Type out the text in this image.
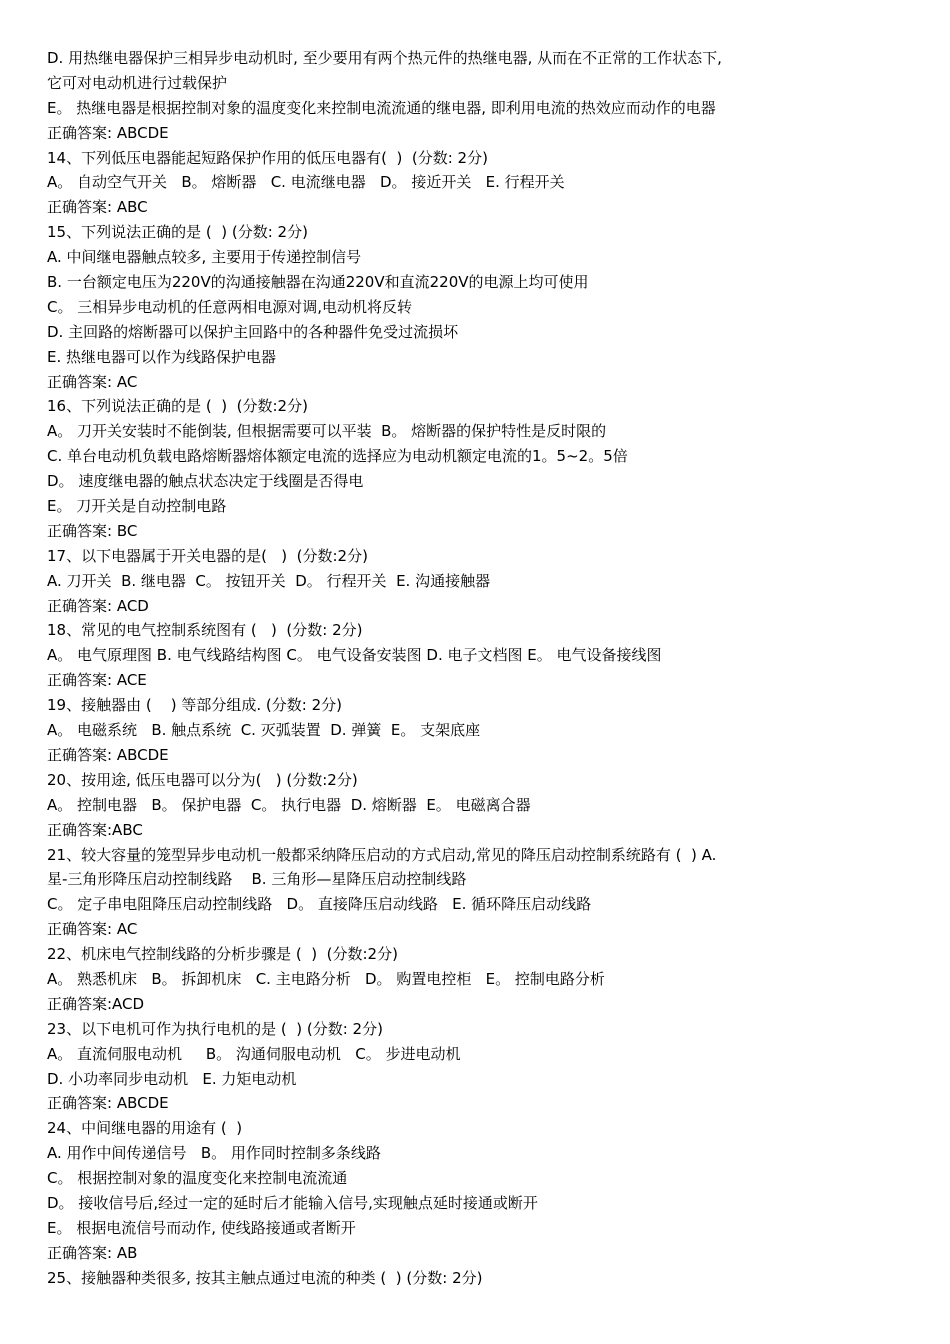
D. 用热继电器保护三相异步电动机时, 至少要用有两个热元件的热继电器, 从而在不正常的工作状态下,
它可对电动机进行过载保护
E。 热继电器是根据控制对象的温度变化来控制电流流通的继电器, 即利用电流的热效应而动作的电器
正确答案: ABCDE
14、下列低压电器能起短路保护作用的低压电器有(  )  (分数: 2分)
A。 自动空气开关   B。 熔断器   C. 电流继电器   D。 接近开关   E. 行程开关
正确答案: ABC
15、下列说法正确的是 (  ) (分数: 2分)
A. 中间继电器触点较多, 主要用于传递控制信号
B. 一台额定电压为220V的沟通接触器在沟通220V和直流220V的电源上均可使用
C。 三相异步电动机的任意两相电源对调,电动机将反转
D. 主回路的熔断器可以保护主回路中的各种器件免受过流损坏
E. 热继电器可以作为线路保护电器
正确答案: AC
16、下列说法正确的是 (  )  (分数:2分)
A。 刀开关安装时不能倒装, 但根据需要可以平装  B。 熔断器的保护特性是反时限的
C. 单台电动机负载电路熔断器熔体额定电流的选择应为电动机额定电流的1。5~2。5倍
D。 速度继电器的触点状态决定于线圈是否得电
E。 刀开关是自动控制电路
正确答案: BC
17、以下电器属于开关电器的是(   )  (分数:2分)
A. 刀开关  B. 继电器  C。 按钮开关  D。 行程开关  E. 沟通接触器
正确答案: ACD
18、常见的电气控制系统图有 (   )  (分数: 2分)
A。 电气原理图 B. 电气线路结构图 C。 电气设备安装图 D. 电子文档图 E。 电气设备接线图
正确答案: ACE
19、接触器由 (    ) 等部分组成. (分数: 2分)
A。 电磁系统   B. 触点系统  C. 灭弧装置  D. 弹簧  E。 支架底座
正确答案: ABCDE
20、按用途, 低压电器可以分为(   ) (分数:2分)
A。 控制电器   B。 保护电器  C。 执行电器  D. 熔断器  E。 电磁离合器
正确答案:ABC
21、较大容量的笼型异步电动机一般都采纳降压启动的方式启动,常见的降压启动控制系统路有 (  ) A.
星-三角形降压启动控制线路    B. 三角形—星降压启动控制线路
C。 定子串电阻降压启动控制线路   D。 直接降压启动线路   E. 循环降压启动线路
正确答案: AC
22、机床电气控制线路的分析步骤是 (  )  (分数:2分)
A。 熟悉机床   B。 拆卸机床   C. 主电路分析   D。 购置电控柜   E。 控制电路分析
正确答案:ACD
23、以下电机可作为执行电机的是 (  ) (分数: 2分)
A。 直流伺服电动机     B。 沟通伺服电动机   C。 步进电动机
D. 小功率同步电动机   E. 力矩电动机
正确答案: ABCDE
24、中间继电器的用途有 (  )
A. 用作中间传递信号   B。 用作同时控制多条线路
C。 根据控制对象的温度变化来控制电流流通
D。 接收信号后,经过一定的延时后才能输入信号,实现触点延时接通或断开
E。 根据电流信号而动作, 使线路接通或者断开
正确答案: AB
25、接触器种类很多, 按其主触点通过电流的种类 (  ) (分数: 2分)
